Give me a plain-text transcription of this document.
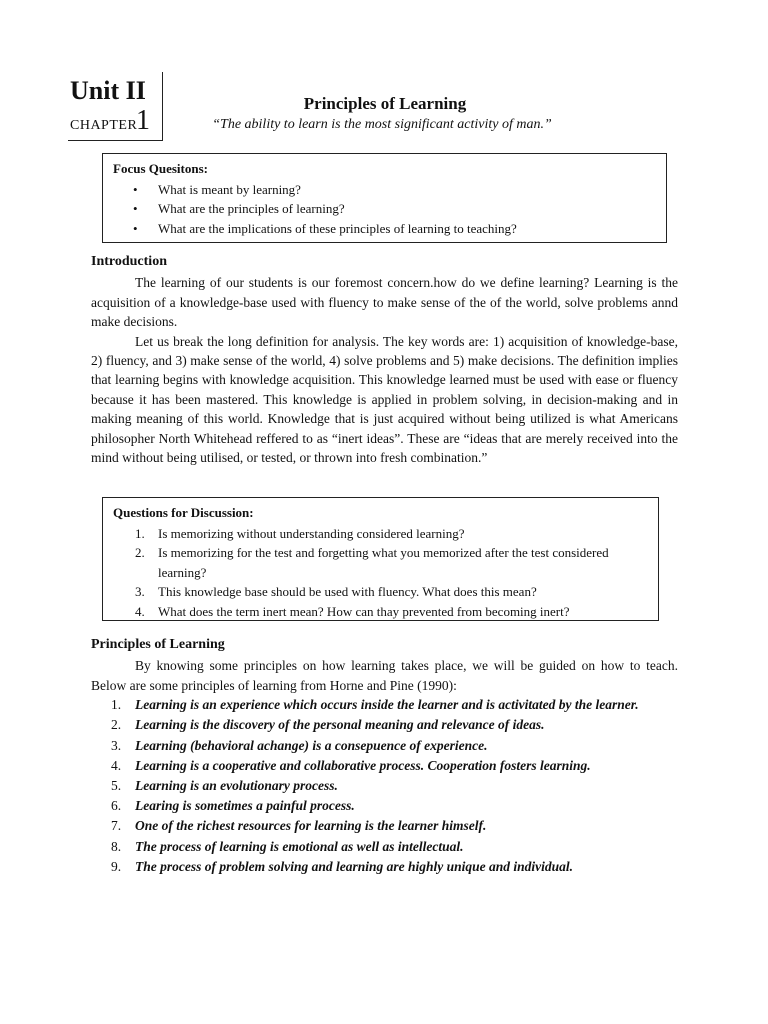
Unit II
CHAPTER
1
Principles of Learning
“The ability to learn is the most significant activity of man.”
Focus Quesitons:
• What is meant by learning?
• What are the principles of learning?
• What are the implications of these principles of learning to teaching?
Introduction

The learning of our students is our foremost concern.how do we define learning? Learning is the acquisition of a knowledge-base used with fluency to make sense of the of the world, solve problems annd make decisions.

Let us break the long definition for analysis. The key words are: 1) acquisition of knowledge-base, 2) fluency, and 3) make sense of the world, 4) solve problems and 5) make decisions. The definition implies that learning begins with knowledge acquisition. This knowledge learned must be used with ease or fluency because it has been mastered. This knowledge is applied in problem solving, in decision-making and in making meaning of this world. Knowledge that is just acquired without being utilized is what Americans philosopher North Whitehead reffered to as “inert ideas”. These are “ideas that are merely received into the mind without being utilised, or tested, or thrown into fresh combination.”

Questions for Discussion:
1. Is memorizing without understanding considered learning?
2. Is memorizing for the test and forgetting what you memorized after the test considered learning?
3. This knowledge base should be used with fluency. What does this mean?
4. What does the term inert mean? How can thay prevented from becoming inert?
Principles of Learning

By knowing some principles on how learning takes place, we will be guided on how to teach. Below are some principles of learning from Horne and Pine (1990):

1. Learning is an experience which occurs inside the learner and is activitated by the learner.
2. Learning is the discovery of the personal meaning and relevance of ideas.
3. Learning (behavioral achange) is a consepuence of experience.
4. Learning is a cooperative and collaborative process. Cooperation fosters learning.
5. Learning is an evolutionary process.
6. Learing is sometimes a painful process.
7. One of the richest resources for learning is the learner himself.
8. The process of learning is emotional as well as intellectual.
9. The process of problem solving and learning are highly unique and individual.
